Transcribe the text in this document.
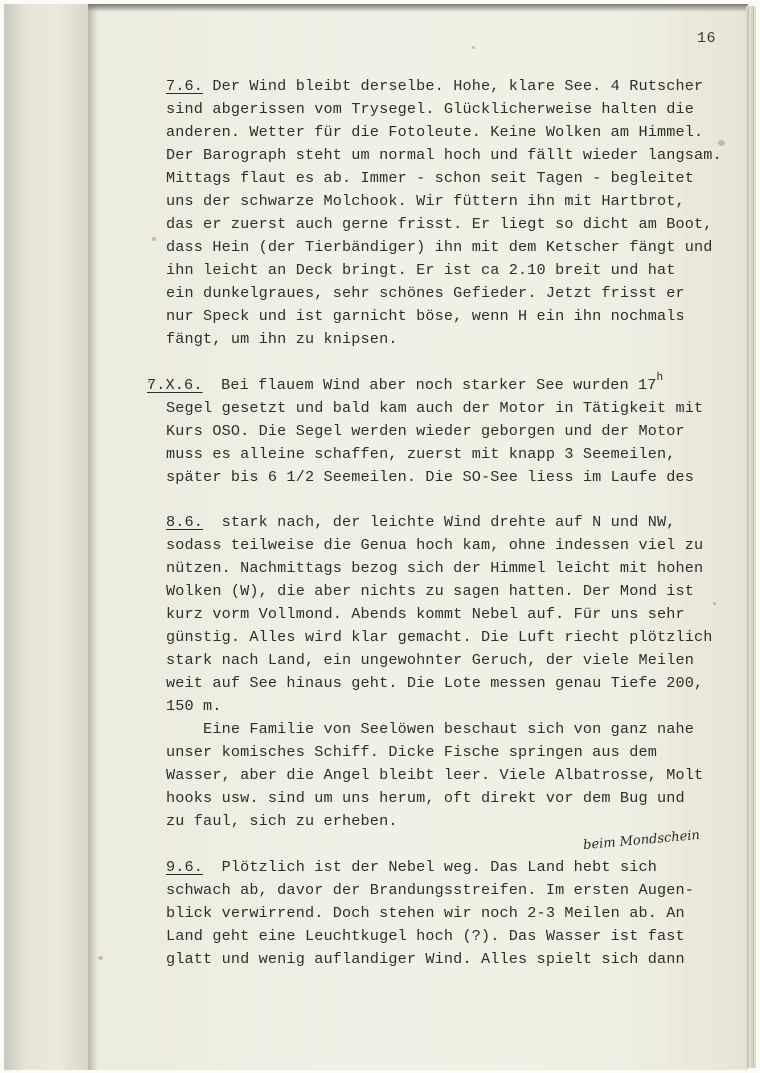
16

7.6. Der Wind bleibt derselbe. Hohe, klare See. 4 Rutscher

sind abgerissen vom Trysegel. Glücklicherweise halten die

anderen. Wetter für die Fotoleute. Keine Wolken am Himmel.

Der Barograph steht um normal hoch und fällt wieder langsam.

Mittags flaut es ab. Immer - schon seit Tagen - begleitet

uns der schwarze Molchook. Wir füttern ihn mit Hartbrot,

das er zuerst auch gerne frisst. Er liegt so dicht am Boot,

dass Hein (der Tierbändiger) ihn mit dem Ketscher fängt und

ihn leicht an Deck bringt. Er ist ca 2.10 breit und hat

ein dunkelgraues, sehr schönes Gefieder. Jetzt frisst er

nur Speck und ist garnicht böse, wenn H ein ihn nochmals

fängt, um ihn zu knipsen.

7.X.6.  Bei flauem Wind aber noch starker See wurden 17$^h$

Segel gesetzt und bald kam auch der Motor in Tätigkeit mit

Kurs OSO. Die Segel werden wieder geborgen und der Motor

muss es alleine schaffen, zuerst mit knapp 3 Seemeilen,

später bis 6 1/2 Seemeilen. Die SO-See liess im Laufe des

8.6.  stark nach, der leichte Wind drehte auf N und NW,

sodass teilweise die Genua hoch kam, ohne indessen viel zu

nützen. Nachmittags bezog sich der Himmel leicht mit hohen

Wolken (W), die aber nichts zu sagen hatten. Der Mond ist

kurz vorm Vollmond. Abends kommt Nebel auf. Für uns sehr

günstig. Alles wird klar gemacht. Die Luft riecht plötzlich

stark nach Land, ein ungewohnter Geruch, der viele Meilen

weit auf See hinaus geht. Die Lote messen genau Tiefe 200,

150 m.

Eine Familie von Seelöwen beschaut sich von ganz nahe

unser komisches Schiff. Dicke Fische springen aus dem

Wasser, aber die Angel bleibt leer. Viele Albatrosse, Molt

hooks usw. sind um uns herum, oft direkt vor dem Bug und

zu faul, sich zu erheben.

beim Mondschein

9.6.  Plötzlich ist der Nebel weg. Das Land hebt sich

schwach ab, davor der Brandungsstreifen. Im ersten Augen-

blick verwirrend. Doch stehen wir noch 2-3 Meilen ab. An

Land geht eine Leuchtkugel hoch (?). Das Wasser ist fast

glatt und wenig auflandiger Wind. Alles spielt sich dann
